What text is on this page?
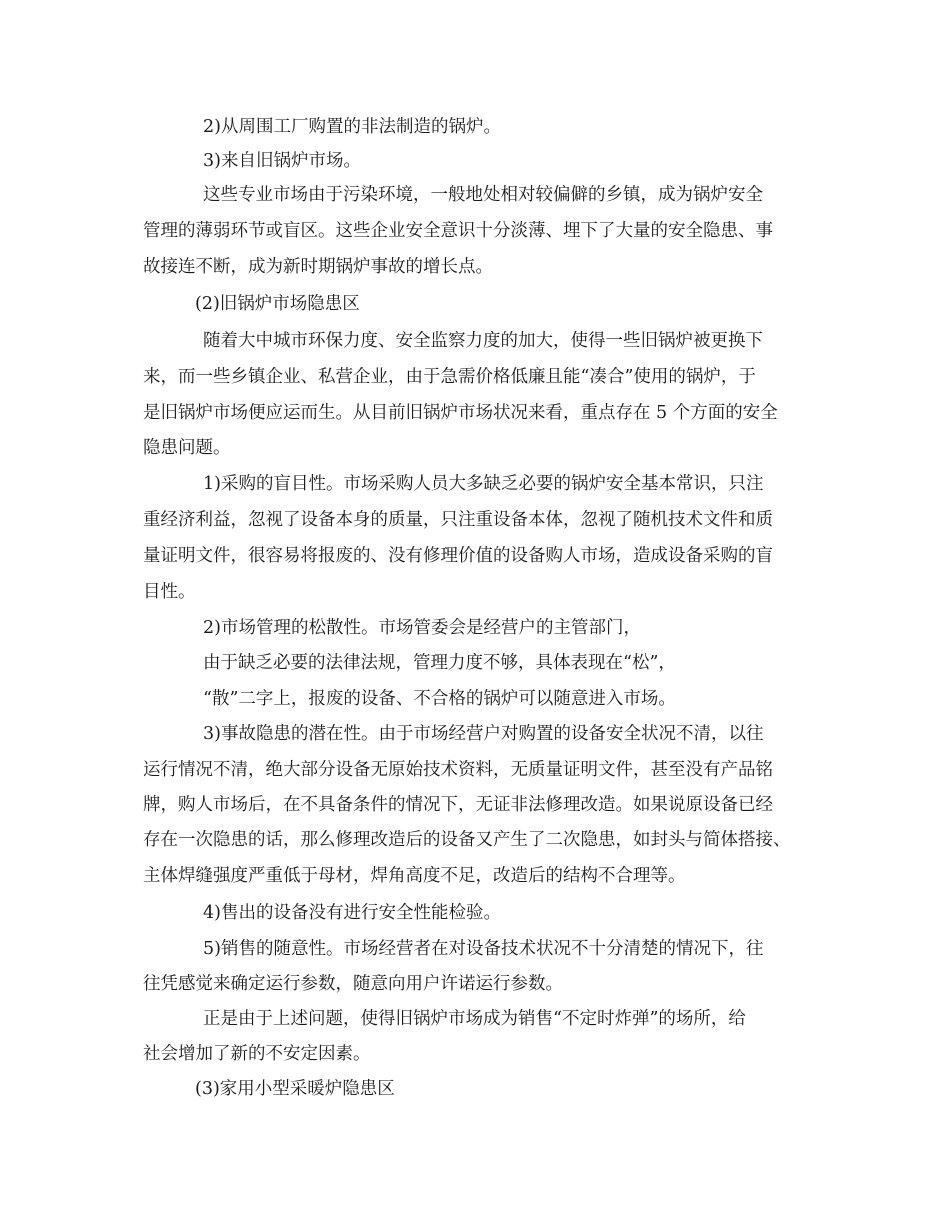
2)从周围工厂购置的非法制造的锅炉。
3)来自旧锅炉市场。
这些专业市场由于污染环境，一般地处相对较偏僻的乡镇，成为锅炉安全
管理的薄弱环节或盲区。这些企业安全意识十分淡薄、埋下了大量的安全隐患、事
故接连不断，成为新时期锅炉事故的增长点。
(2)旧锅炉市场隐患区
随着大中城市环保力度、安全监察力度的加大，使得一些旧锅炉被更换下
来，而一些乡镇企业、私营企业，由于急需价格低廉且能“凑合”使用的锅炉，于
是旧锅炉市场便应运而生。从目前旧锅炉市场状况来看，重点存在 5 个方面的安全
隐患问题。
1)采购的盲目性。市场采购人员大多缺乏必要的锅炉安全基本常识，只注
重经济利益，忽视了设备本身的质量，只注重设备本体，忽视了随机技术文件和质
量证明文件，很容易将报废的、没有修理价值的设备购人市场，造成设备采购的盲
目性。
2)市场管理的松散性。市场管委会是经营户的主管部门，
由于缺乏必要的法律法规，管理力度不够，具体表现在“松”，
“散”二字上，报废的设备、不合格的锅炉可以随意进入市场。
3)事故隐患的潜在性。由于市场经营户对购置的设备安全状况不清，以往
运行情况不清，绝大部分设备无原始技术资料，无质量证明文件，甚至没有产品铭
牌，购人市场后，在不具备条件的情况下，无证非法修理改造。如果说原设备已经
存在一次隐患的话，那么修理改造后的设备又产生了二次隐患，如封头与简体搭接、
主体焊缝强度严重低于母材，焊角高度不足，改造后的结构不合理等。
4)售出的设备没有进行安全性能检验。
5)销售的随意性。市场经营者在对设备技术状况不十分清楚的情况下，往
往凭感觉来确定运行参数，随意向用户许诺运行参数。
正是由于上述问题，使得旧锅炉市场成为销售“不定时炸弹”的场所，给
社会增加了新的不安定因素。
(3)家用小型采暖炉隐患区
